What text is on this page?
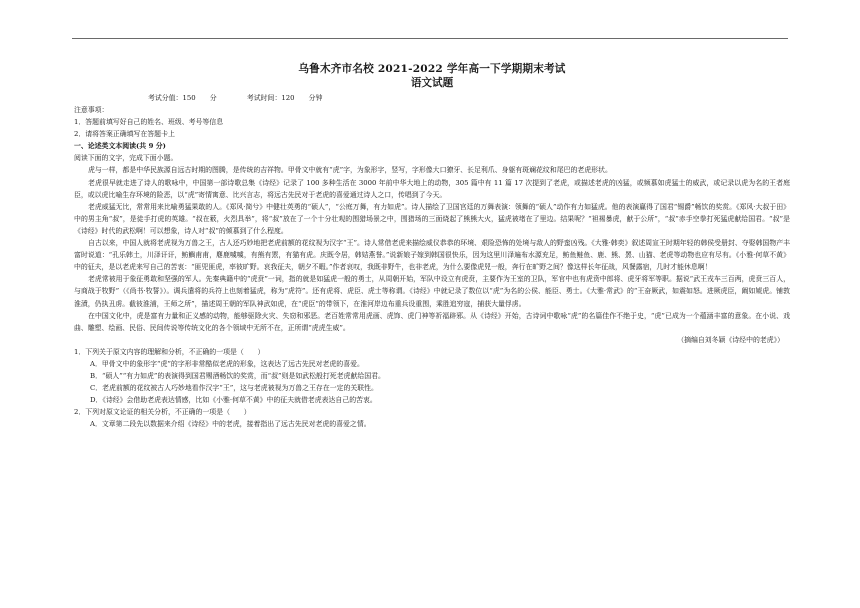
乌鲁木齐市名校 2021-2022 学年高一下学期期末考试
语文试题
考试分值：150 分	考试时间：120 分钟
注意事项：
1．答题前填写好自己的姓名、班级、考号等信息
2．请将答案正确填写在答题卡上
一、论述类文本阅读(共 9 分)
阅读下面的文字，完成下面小题。
虎与一样，都是中华民族源自远古时期的图腾，是传统的吉祥物。甲骨文中就有“虎”字，为象形字，竖写，字形像大口獠牙、长足利爪、身躯有斑斓花纹和尾巴的老虎形状。
老虎很早就走进了诗人的歌咏中，中国第一部诗歌总集《诗经》记录了 100 多种生活在 3000 年前中华大地上的动物，305 篇中有 11 篇 17 次提到了老虎，或描述老虎的凶猛，或频慕如虎猛士的威武，或记录以虎为名的王者庭臣，或以虎比喻生存环境的险恶，以“虎”寄情寓意、比兴言志，将远古先民对于老虎的喜爱通过诗人之口，传唱到了今天。
老虎威猛无比，常常用来比喻勇猛果敢的人。《郑风·简兮》中健壮英勇的“硕人”，“公庭万舞，有力如虎”。诗人描绘了卫国宫廷的万舞表演：领舞的“硕人”动作有力如猛虎。他的表演赢得了国君“锡爵”畅饮的奖赏。《郑风·大叔于田》中的男主角“叔”，是徒手打虎的英雄。“叔在薮，火烈具举”，将“叔”放在了一个十分壮观的围猎场景之中，围猎场的三面烧起了熊熊大火，猛虎被堵在了里边。结果呢？“袒裼暴虎，献于公所”，“叔”赤手空拳打死猛虎献给国君。“叔”是《诗经》时代的武松啊！可以想象，诗人对“叔”的倾慕到了什么程度。
自古以来，中国人就将老虎视为万兽之王，古人还巧妙地把老虎前额的花纹视为汉字“王”。诗人常借老虎来描绘威仪恭恭的环境、艰险恐怖的处境与敌人的野蛮凶残。《大雅·韩奕》叙述周宣王时期年轻的韩侯受册封、夺娶韩国物产丰富时说道：“孔乐韩土，川泽讦讦，鲂鱮甫甫，麀鹿噳噳，有熊有罴，有猫有虎。庆既令居，韩姞燕誉。”说新娘子嫁到韩国很快乐，因为这里川泽遍布水源充足，鲂鱼鲢鱼、鹿、熊、罴、山猫、老虎等动物也应有尽有。《小雅·何草不黄》中的征夫，是以老虎来写自己的苦衷：“匪兕匪虎，率彼旷野。哀我征夫，朝夕不暇。”作者哀叹，我既非野牛，也非老虎，为什么要像虎兕一般，奔行在旷野之间？像这样长年征战，风餐露宿，几时才能休息啊！
老虎常被用于象征勇敢和坚强的军人。先秦典籍中的“虎贲”一词，指的就是如猛虎一般的勇士，从周朝开始，军队中设立有虎贲，主要作为王室的卫队，军官中也有虎贲中郎将、虎牙将军等职。据说“武王戎车三百两，虎贲三百人，与商战于牧野”（《尚书·牧誓》）。调兵遣将的兵符上也刻着猛虎，称为“虎符”。还有虎将、虎臣、虎士等称谓。《诗经》中就记录了数位以“虎”为名的公侯、能臣、勇士。《大雅·常武》的“王奋厥武，如震如怒。进厥虎臣，阚如虓虎。铺敦淮濆，仍执丑虏。截彼淮浦，王师之所”，描述周王朝的军队神武如虎，在“虎臣”的带领下，在淮河岸边布重兵设重围，乘胜追穷寇，捕获大量俘虏。
在中国文化中，虎是富有力量和正义感的动物，能够驱除火灾、失窃和邪恶。老百姓常常用虎画、虎饰、虎门神等祈福辟邪。从《诗经》开始，古诗词中歌咏“虎”的名篇佳作不绝于史，“虎”已成为一个蕴涵丰富的意象。在小说、戏曲、雕塑、绘画、民俗、民间传说等传统文化的各个领域中无所不在，正所谓“虎虎生威”。
（摘编自刘冬颖《诗经中的老虎》）
1．下列关于原文内容的理解和分析，不正确的一项是（　　）
A．甲骨文中的象形字“虎”的字形非常酷似老虎的形象，这表达了远古先民对老虎的喜爱。
B．“硕人”“有力如虎”的表演得到国君赐酒畅饮的奖赏，而“叔”则是如武松般打死老虎献给国君。
C．老虎前额的花纹被古人巧妙地看作汉字“王”，这与老虎被视为万兽之王存在一定的关联性。
D．《诗经》会借助老虎表达情感，比如《小雅·何草不黄》中的征夫就借老虎表达自己的苦衷。
2．下列对原文论证的相关分析，不正确的一项是（　　）
A．文章第二段先以数据来介绍《诗经》中的老虎，接着指出了远古先民对老虎的喜爱之情。
